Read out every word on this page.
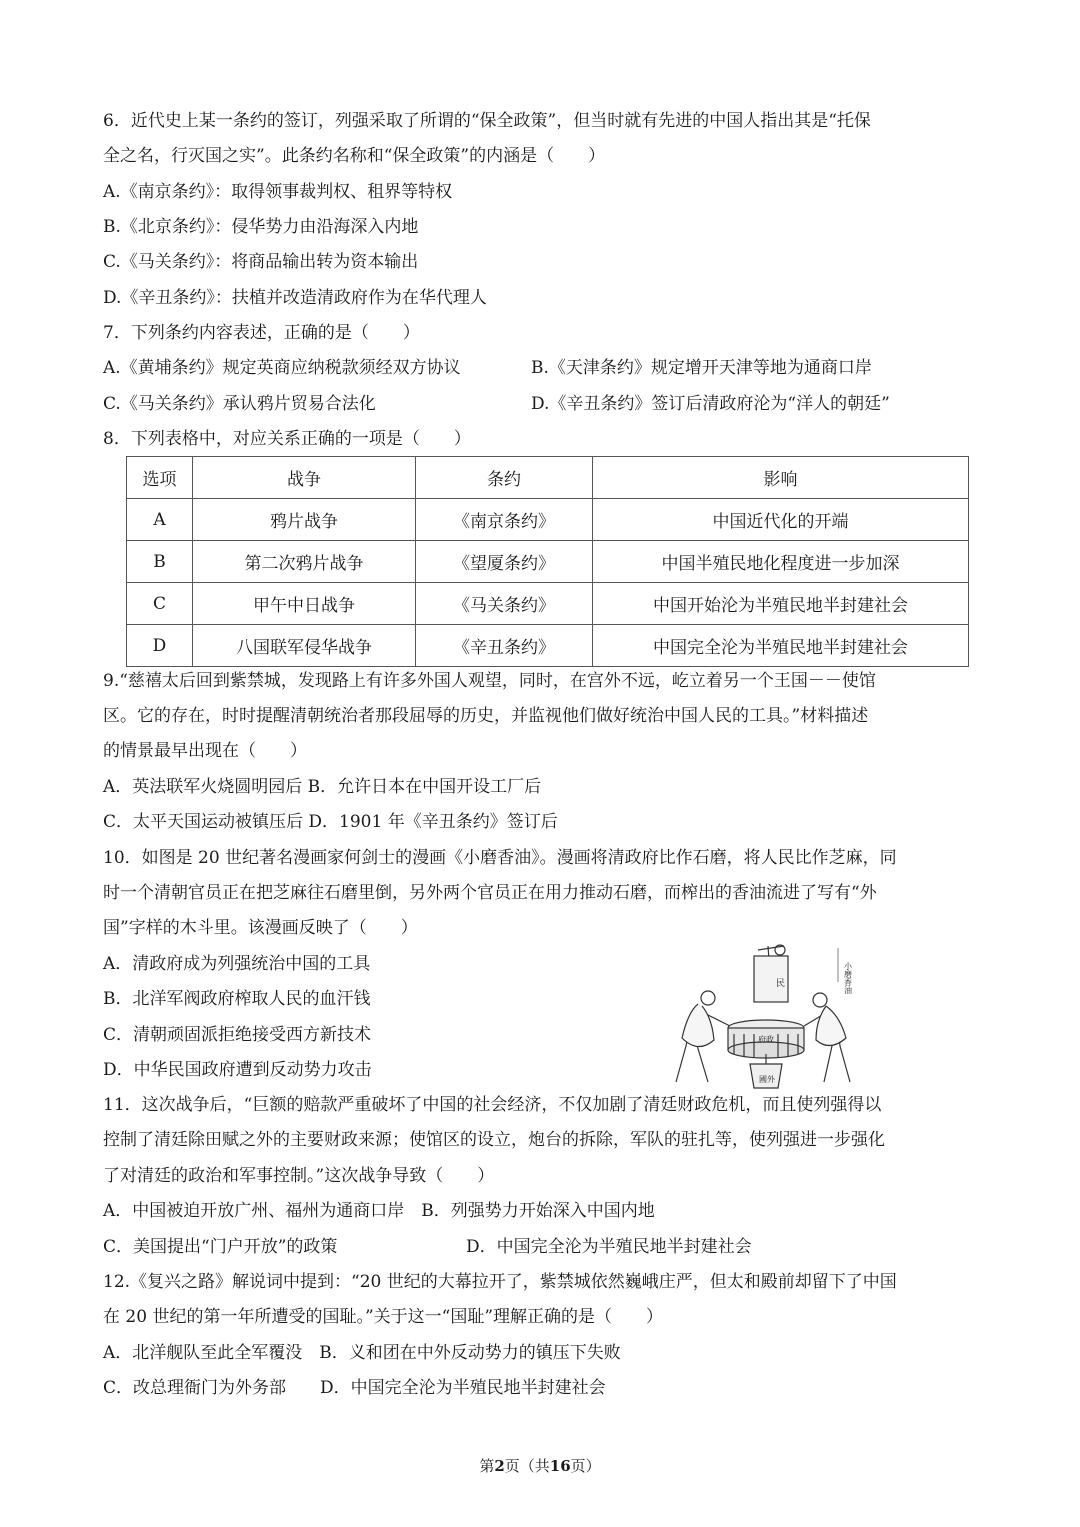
6．近代史上某一条约的签订，列强采取了所谓的“保全政策”，但当时就有先进的中国人指出其是“托保
全之名，行灭国之实”。此条约名称和“保全政策”的内涵是（　　）
A.《南京条约》：取得领事裁判权、租界等特权
B.《北京条约》：侵华势力由沿海深入内地
C.《马关条约》：将商品输出转为资本输出
D.《辛丑条约》：扶植并改造清政府作为在华代理人
7．下列条约内容表述，正确的是（　　）
A.《黄埔条约》规定英商应纳税款须经双方协议	B.《天津条约》规定增开天津等地为通商口岸
C.《马关条约》承认鸦片贸易合法化	D.《辛丑条约》签订后清政府沦为“洋人的朝廷”
8．下列表格中，对应关系正确的一项是（　　）
选项	战争	条约	影响
A	鸦片战争	《南京条约》	中国近代化的开端
B	第二次鸦片战争	《望厦条约》	中国半殖民地化程度进一步加深
C	甲午中日战争	《马关条约》	中国开始沦为半殖民地半封建社会
D	八国联军侵华战争	《辛丑条约》	中国完全沦为半殖民地半封建社会
9.“慈禧太后回到紫禁城，发现路上有许多外国人观望，同时，在宫外不远，屹立着另一个王国－－使馆
区。它的存在，时时提醒清朝统治者那段屈辱的历史，并监视他们做好统治中国人民的工具。”材料描述
的情景最早出现在（　　）
A．英法联军火烧圆明园后 B．允许日本在中国开设工厂后
C．太平天国运动被镇压后 D．1901 年《辛丑条约》签订后
10．如图是 20 世纪著名漫画家何剑士的漫画《小磨香油》。漫画将清政府比作石磨，将人民比作芝麻，同
时一个清朝官员正在把芝麻往石磨里倒，另外两个官员正在用力推动石磨，而榨出的香油流进了写有“外
国”字样的木斗里。该漫画反映了（　　）
A．清政府成为列强统治中国的工具
B．北洋军阀政府榨取人民的血汗钱
C．清朝顽固派拒绝接受西方新技术
D．中华民国政府遭到反动势力攻击
小磨香油
府政
民
國外
11．这次战争后，“巨额的赔款严重破坏了中国的社会经济，不仅加剧了清廷财政危机，而且使列强得以
控制了清廷除田赋之外的主要财政来源；使馆区的设立，炮台的拆除，军队的驻扎等，使列强进一步强化
了对清廷的政治和军事控制。”这次战争导致（　　）
A．中国被迫开放广州、福州为通商口岸　B．列强势力开始深入中国内地
C．美国提出“门户开放”的政策	D．中国完全沦为半殖民地半封建社会
12.《复兴之路》解说词中提到：“20 世纪的大幕拉开了，紫禁城依然巍峨庄严，但太和殿前却留下了中国
在 20 世纪的第一年所遭受的国耻。”关于这一“国耻”理解正确的是（　　）
A．北洋舰队至此全军覆没　B．义和团在中外反动势力的镇压下失败
C．改总理衙门为外务部　　D．中国完全沦为半殖民地半封建社会
第2页（共16页）
